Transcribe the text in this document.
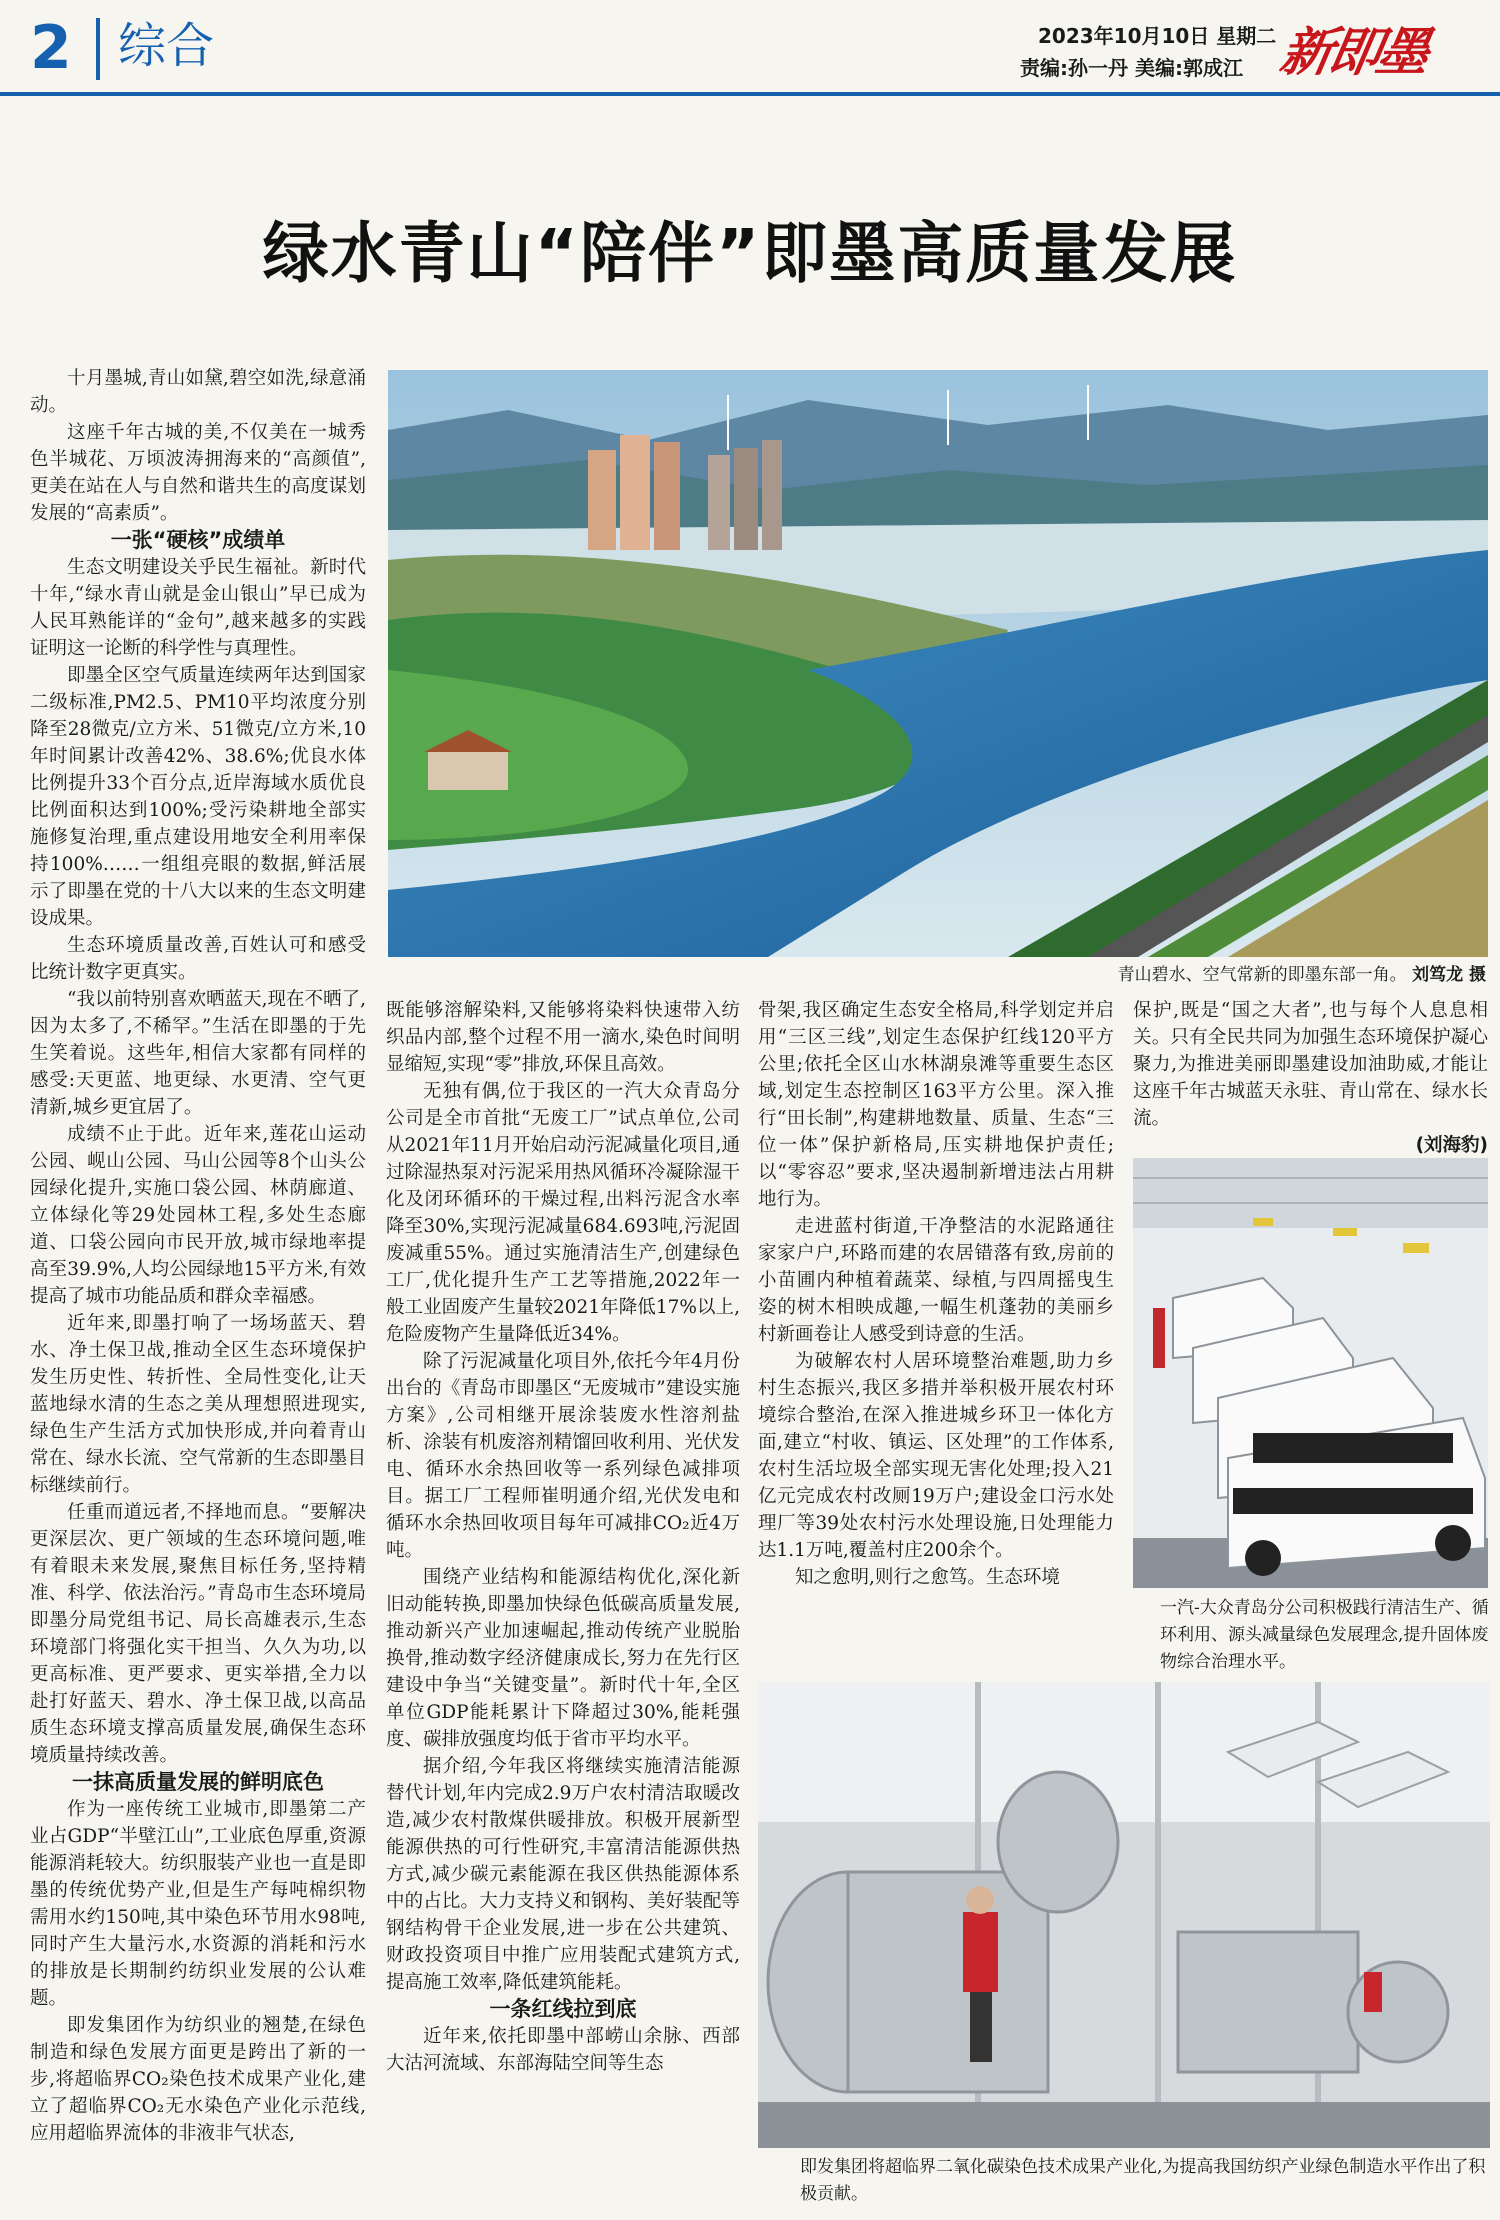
2 综合	2023年10月10日 星期二
责编:孙一丹 美编:郭成江 新即墨
绿水青山“陪伴”即墨高质量发展

十月墨城,青山如黛,碧空如洗,绿意涌动。

这座千年古城的美,不仅美在一城秀色半城花、万顷波涛拥海来的“高颜值”,更美在站在人与自然和谐共生的高度谋划发展的“高素质”。

一张“硬核”成绩单

生态文明建设关乎民生福祉。新时代十年,“绿水青山就是金山银山”早已成为人民耳熟能详的“金句”,越来越多的实践证明这一论断的科学性与真理性。

即墨全区空气质量连续两年达到国家二级标准,PM2.5、PM10平均浓度分别降至28微克/立方米、51微克/立方米,10年时间累计改善42%、38.6%;优良水体比例提升33个百分点,近岸海域水质优良比例面积达到100%;受污染耕地全部实施修复治理,重点建设用地安全利用率保持100%……一组组亮眼的数据,鲜活展示了即墨在党的十八大以来的生态文明建设成果。

生态环境质量改善,百姓认可和感受比统计数字更真实。

“我以前特别喜欢晒蓝天,现在不晒了,因为太多了,不稀罕。”生活在即墨的于先生笑着说。这些年,相信大家都有同样的感受:天更蓝、地更绿、水更清、空气更清新,城乡更宜居了。

成绩不止于此。近年来,莲花山运动公园、岘山公园、马山公园等8个山头公园绿化提升,实施口袋公园、林荫廊道、立体绿化等29处园林工程,多处生态廊道、口袋公园向市民开放,城市绿地率提高至39.9%,人均公园绿地15平方米,有效提高了城市功能品质和群众幸福感。

近年来,即墨打响了一场场蓝天、碧水、净土保卫战,推动全区生态环境保护发生历史性、转折性、全局性变化,让天蓝地绿水清的生态之美从理想照进现实,绿色生产生活方式加快形成,并向着青山常在、绿水长流、空气常新的生态即墨目标继续前行。

任重而道远者,不择地而息。“要解决更深层次、更广领域的生态环境问题,唯有着眼未来发展,聚焦目标任务,坚持精准、科学、依法治污。”青岛市生态环境局即墨分局党组书记、局长高雄表示,生态环境部门将强化实干担当、久久为功,以更高标准、更严要求、更实举措,全力以赴打好蓝天、碧水、净土保卫战,以高品质生态环境支撑高质量发展,确保生态环境质量持续改善。

一抹高质量发展的鲜明底色

作为一座传统工业城市,即墨第二产业占GDP“半壁江山”,工业底色厚重,资源能源消耗较大。纺织服装产业也一直是即墨的传统优势产业,但是生产每吨棉织物需用水约150吨,其中染色环节用水98吨,同时产生大量污水,水资源的消耗和污水的排放是长期制约纺织业发展的公认难题。

即发集团作为纺织业的翘楚,在绿色制造和绿色发展方面更是跨出了新的一步,将超临界CO₂染色技术成果产业化,建立了超临界CO₂无水染色产业化示范线,应用超临界流体的非液非气状态,

青山碧水、空气常新的即墨东部一角。 刘笃龙 摄

既能够溶解染料,又能够将染料快速带入纺织品内部,整个过程不用一滴水,染色时间明显缩短,实现“零”排放,环保且高效。

无独有偶,位于我区的一汽大众青岛分公司是全市首批“无废工厂”试点单位,公司从2021年11月开始启动污泥减量化项目,通过除湿热泵对污泥采用热风循环冷凝除湿干化及闭环循环的干燥过程,出料污泥含水率降至30%,实现污泥减量684.693吨,污泥固废减重55%。通过实施清洁生产,创建绿色工厂,优化提升生产工艺等措施,2022年一般工业固废产生量较2021年降低17%以上,危险废物产生量降低近34%。

除了污泥减量化项目外,依托今年4月份出台的《青岛市即墨区“无废城市”建设实施方案》,公司相继开展涂装废水性溶剂盐析、涂装有机废溶剂精馏回收利用、光伏发电、循环水余热回收等一系列绿色减排项目。据工厂工程师崔明通介绍,光伏发电和循环水余热回收项目每年可减排CO₂近4万吨。

围绕产业结构和能源结构优化,深化新旧动能转换,即墨加快绿色低碳高质量发展,推动新兴产业加速崛起,推动传统产业脱胎换骨,推动数字经济健康成长,努力在先行区建设中争当“关键变量”。新时代十年,全区单位GDP能耗累计下降超过30%,能耗强度、碳排放强度均低于省市平均水平。

据介绍,今年我区将继续实施清洁能源替代计划,年内完成2.9万户农村清洁取暖改造,减少农村散煤供暖排放。积极开展新型能源供热的可行性研究,丰富清洁能源供热方式,减少碳元素能源在我区供热能源体系中的占比。大力支持义和钢构、美好装配等钢结构骨干企业发展,进一步在公共建筑、财政投资项目中推广应用装配式建筑方式,提高施工效率,降低建筑能耗。

一条红线拉到底

近年来,依托即墨中部崂山余脉、西部大沽河流域、东部海陆空间等生态

骨架,我区确定生态安全格局,科学划定并启用“三区三线”,划定生态保护红线120平方公里;依托全区山水林湖泉滩等重要生态区域,划定生态控制区163平方公里。深入推行“田长制”,构建耕地数量、质量、生态“三位一体”保护新格局,压实耕地保护责任;以“零容忍”要求,坚决遏制新增违法占用耕地行为。

走进蓝村街道,干净整洁的水泥路通往家家户户,环路而建的农居错落有致,房前的小苗圃内种植着蔬菜、绿植,与四周摇曳生姿的树木相映成趣,一幅生机蓬勃的美丽乡村新画卷让人感受到诗意的生活。

为破解农村人居环境整治难题,助力乡村生态振兴,我区多措并举积极开展农村环境综合整治,在深入推进城乡环卫一体化方面,建立“村收、镇运、区处理”的工作体系,农村生活垃圾全部实现无害化处理;投入21亿元完成农村改厕19万户;建设金口污水处理厂等39处农村污水处理设施,日处理能力达1.1万吨,覆盖村庄200余个。

知之愈明,则行之愈笃。生态环境

保护,既是“国之大者”,也与每个人息息相关。只有全民共同为加强生态环境保护凝心聚力,为推进美丽即墨建设加油助威,才能让这座千年古城蓝天永驻、青山常在、绿水长流。

(刘海豹)

一汽-大众青岛分公司积极践行清洁生产、循环利用、源头减量绿色发展理念,提升固体废物综合治理水平。
即发集团将超临界二氧化碳染色技术成果产业化,为提高我国纺织产业绿色制造水平作出了积极贡献。
